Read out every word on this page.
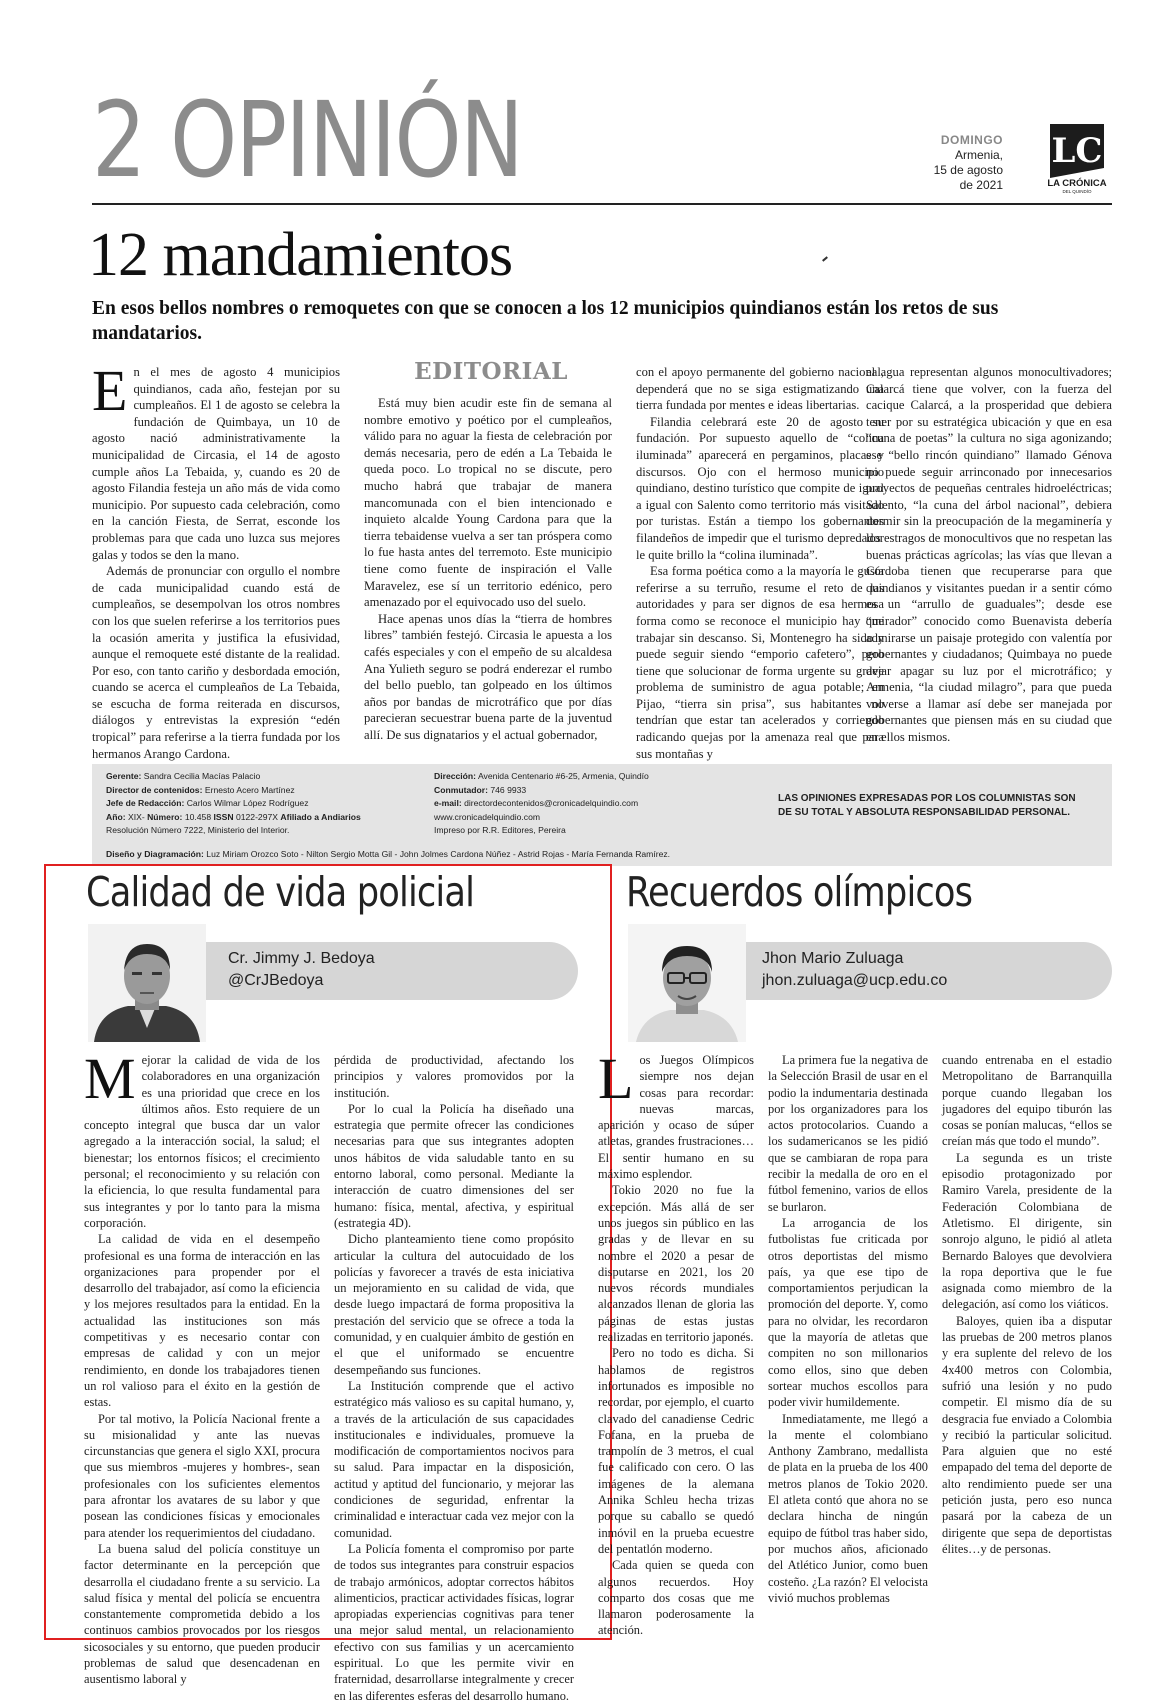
2 OPINIÓN	DOMINGO
Armenia,
15 de agosto
de 2021
LC
LA CRÓNICA
DEL QUINDÍO
12 mandamientos
En esos bellos nombres o remoquetes con que se conocen a los 12 municipios quindianos están los retos de sus mandatarios.
EDITORIAL
E n el mes de agosto 4 municipios quindianos, cada año, festejan por su cumpleaños. El 1 de agosto se celebra la fundación de Quimbaya, un 10 de agosto nació administrativamente la municipalidad de Circasia, el 14 de agosto cumple años La Tebaida, y, cuando es 20 de agosto Filandia festeja un año más de vida como municipio. Por supuesto cada celebración, como en la canción Fiesta, de Serrat, esconde los problemas para que cada uno luzca sus mejores galas y todos se den la mano.

Además de pronunciar con orgullo el nombre de cada municipalidad cuando está de cumpleaños, se desempolvan los otros nombres con los que suelen referirse a los territorios pues la ocasión amerita y justifica la efusividad, aunque el remoquete esté distante de la realidad. Por eso, con tanto cariño y desbordada emoción, cuando se acerca el cumpleaños de La Tebaida, se escucha de forma reiterada en discursos, diálogos y entrevistas la expresión “edén tropical” para referirse a la tierra fundada por los hermanos Arango Cardona.

Está muy bien acudir este fin de semana al nombre emotivo y poético por el cumpleaños, válido para no aguar la fiesta de celebración por demás necesaria, pero de edén a La Tebaida le queda poco. Lo tropical no se discute, pero mucho habrá que trabajar de manera mancomunada con el bien intencionado e inquieto alcalde Young Cardona para que la tierra tebaidense vuelva a ser tan próspera como lo fue hasta antes del terremoto. Este municipio tiene como fuente de inspiración el Valle Maravelez, ese sí un territorio edénico, pero amenazado por el equivocado uso del suelo.

Hace apenas unos días la “tierra de hombres libres” también festejó. Circasia le apuesta a los cafés especiales y con el empeño de su alcaldesa Ana Yulieth seguro se podrá enderezar el rumbo del bello pueblo, tan golpeado en los últimos años por bandas de microtráfico que por días parecieran secuestrar buena parte de la juventud allí. De sus dignatarios y el actual gobernador,

con el apoyo permanente del gobierno nacional, dependerá que no se siga estigmatizando una tierra fundada por mentes e ideas libertarias.

Filandia celebrará este 20 de agosto su fundación. Por supuesto aquello de “colina iluminada” aparecerá en pergaminos, placas y discursos. Ojo con el hermoso municipio quindiano, destino turístico que compite de igual a igual con Salento como territorio más visitado por turistas. Están a tiempo los gobernantes filandeños de impedir que el turismo depredador le quite brillo la “colina iluminada”.

Esa forma poética como a la mayoría le gusta referirse a su terruño, resume el reto de las autoridades y para ser dignos de esa hermosa forma como se reconoce el municipio hay que trabajar sin descanso. Si, Montenegro ha sido y puede seguir siendo “emporio cafetero”, pero tiene que solucionar de forma urgente su grave problema de suministro de agua potable; en Pijao, “tierra sin prisa”, sus habitantes no tendrían que estar tan acelerados y corriendo radicando quejas por la amenaza real que para sus montañas y

el agua representan algunos monocultivadores; Calarcá tiene que volver, con la fuerza del cacique Calarcá, a la prosperidad que debiera tener por su estratégica ubicación y que en esa “cuna de poetas” la cultura no siga agonizando; ese “bello rincón quindiano” llamado Génova no puede seguir arrinconado por innecesarios proyectos de pequeñas centrales hidroeléctricas; Salento, “la cuna del árbol nacional”, debiera dormir sin la preocupación de la megaminería y los estragos de monocultivos que no respetan las buenas prácticas agrícolas; las vías que llevan a Córdoba tienen que recuperarse para que quindianos y visitantes puedan ir a sentir cómo es un “arrullo de guaduales”; desde ese “mirador” conocido como Buenavista debería admirarse un paisaje protegido con valentía por gobernantes y ciudadanos; Quimbaya no puede dejar apagar su luz por el microtráfico; y Armenia, “la ciudad milagro”, para que pueda volverse a llamar así debe ser manejada por gobernantes que piensen más en su ciudad que en ellos mismos.

Gerente: Sandra Cecilia Macías Palacio
Director de contenidos: Ernesto Acero Martínez
Jefe de Redacción: Carlos Wilmar López Rodríguez
Año: XIX- Número: 10.458 ISSN 0122-297X Afiliado a Andiarios
Resolución Número 7222, Ministerio del Interior.
Dirección: Avenida Centenario #6-25, Armenia, Quindío
Conmutador: 746 9933
e-mail: directordecontenidos@cronicadelquindio.com
www.cronicadelquindio.com
Impreso por R.R. Editores, Pereira
Diseño y Diagramación: Luz Miriam Orozco Soto - Nilton Sergio Motta Gil - John Jolmes Cardona Núñez - Astrid Rojas - María Fernanda Ramírez.
LAS OPINIONES EXPRESADAS POR LOS COLUMNISTAS SON DE SU TOTAL Y ABSOLUTA RESPONSABILIDAD PERSONAL.
Calidad de vida policial
Cr. Jimmy J. Bedoya
@CrJBedoya
M ejorar la calidad de vida de los colaboradores en una organización es una prioridad que crece en los últimos años. Esto requiere de un concepto integral que busca dar un valor agregado a la interacción social, la salud; el bienestar; los entornos físicos; el crecimiento personal; el reconocimiento y su relación con la eficiencia, lo que resulta fundamental para sus integrantes y por lo tanto para la misma corporación.

La calidad de vida en el desempeño profesional es una forma de interacción en las organizaciones para propender por el desarrollo del trabajador, así como la eficiencia y los mejores resultados para la entidad. En la actualidad las instituciones son más competitivas y es necesario contar con empresas de calidad y con un mejor rendimiento, en donde los trabajadores tienen un rol valioso para el éxito en la gestión de estas.

Por tal motivo, la Policía Nacional frente a su misionalidad y ante las nuevas circunstancias que genera el siglo XXI, procura que sus miembros -mujeres y hombres-, sean profesionales con los suficientes elementos para afrontar los avatares de su labor y que posean las condiciones físicas y emocionales para atender los requerimientos del ciudadano.

La buena salud del policía constituye un factor determinante en la percepción que desarrolla el ciudadano frente a su servicio. La salud física y mental del policía se encuentra constantemente comprometida debido a los continuos cambios provocados por los riesgos sicosociales y su entorno, que pueden producir problemas de salud que desencadenan en ausentismo laboral y

pérdida de productividad, afectando los principios y valores promovidos por la institución.

Por lo cual la Policía ha diseñado una estrategia que permite ofrecer las condiciones necesarias para que sus integrantes adopten unos hábitos de vida saludable tanto en su entorno laboral, como personal. Mediante la interacción de cuatro dimensiones del ser humano: física, mental, afectiva, y espiritual (estrategia 4D).

Dicho planteamiento tiene como propósito articular la cultura del autocuidado de los policías y favorecer a través de esta iniciativa un mejoramiento en su calidad de vida, que desde luego impactará de forma propositiva la prestación del servicio que se ofrece a toda la comunidad, y en cualquier ámbito de gestión en el que el uniformado se encuentre desempeñando sus funciones.

La Institución comprende que el activo estratégico más valioso es su capital humano, y, a través de la articulación de sus capacidades institucionales e individuales, promueve la modificación de comportamientos nocivos para su salud. Para impactar en la disposición, actitud y aptitud del funcionario, y mejorar las condiciones de seguridad, enfrentar la criminalidad e interactuar cada vez mejor con la comunidad.

La Policía fomenta el compromiso por parte de todos sus integrantes para construir espacios de trabajo armónicos, adoptar correctos hábitos alimenticios, practicar actividades físicas, lograr apropiadas experiencias cognitivas para tener una mejor salud mental, un relacionamiento efectivo con sus familias y un acercamiento espiritual. Lo que les permite vivir en fraternidad, desarrollarse integralmente y crecer en las diferentes esferas del desarrollo humano.

Recuerdos olímpicos
Jhon Mario Zuluaga
jhon.zuluaga@ucp.edu.co
L os Juegos Olímpicos siempre nos dejan cosas para recordar: nuevas marcas, aparición y ocaso de súper atletas, grandes frustraciones… El sentir humano en su máximo esplendor.

Tokio 2020 no fue la excepción. Más allá de ser unos juegos sin público en las gradas y de llevar en su nombre el 2020 a pesar de disputarse en 2021, los 20 nuevos récords mundiales alcanzados llenan de gloria las páginas de estas justas realizadas en territorio japonés.

Pero no todo es dicha. Si hablamos de registros infortunados es imposible no recordar, por ejemplo, el cuarto clavado del canadiense Cedric Fofana, en la prueba de trampolín de 3 metros, el cual fue calificado con cero. O las imágenes de la alemana Annika Schleu hecha trizas porque su caballo se quedó inmóvil en la prueba ecuestre del pentatlón moderno.

Cada quien se queda con algunos recuerdos. Hoy comparto dos cosas que me llamaron poderosamente la atención.

La primera fue la negativa de la Selección Brasil de usar en el podio la indumentaria destinada por los organizadores para los actos protocolarios. Cuando a los sudamericanos se les pidió que se cambiaran de ropa para recibir la medalla de oro en el fútbol femenino, varios de ellos se burlaron.

La arrogancia de los futbolistas fue criticada por otros deportistas del mismo país, ya que ese tipo de comportamientos perjudican la promoción del deporte. Y, como para no olvidar, les recordaron que la mayoría de atletas que compiten no son millonarios como ellos, sino que deben sortear muchos escollos para poder vivir humildemente.

Inmediatamente, me llegó a la mente el colombiano Anthony Zambrano, medallista de plata en la prueba de los 400 metros planos de Tokio 2020. El atleta contó que ahora no se declara hincha de ningún equipo de fútbol tras haber sido, por muchos años, aficionado del Atlético Junior, como buen costeño. ¿La razón? El velocista vivió muchos problemas

cuando entrenaba en el estadio Metropolitano de Barranquilla porque cuando llegaban los jugadores del equipo tiburón las cosas se ponían malucas, “ellos se creían más que todo el mundo”.

La segunda es un triste episodio protagonizado por Ramiro Varela, presidente de la Federación Colombiana de Atletismo. El dirigente, sin sonrojo alguno, le pidió al atleta Bernardo Baloyes que devolviera la ropa deportiva que le fue asignada como miembro de la delegación, así como los viáticos.

Baloyes, quien iba a disputar las pruebas de 200 metros planos y era suplente del relevo de los 4x400 metros con Colombia, sufrió una lesión y no pudo competir. El mismo día de su desgracia fue enviado a Colombia y recibió la particular solicitud. Para alguien que no esté empapado del tema del deporte de alto rendimiento puede ser una petición justa, pero eso nunca pasará por la cabeza de un dirigente que sepa de deportistas élites…y de personas.
